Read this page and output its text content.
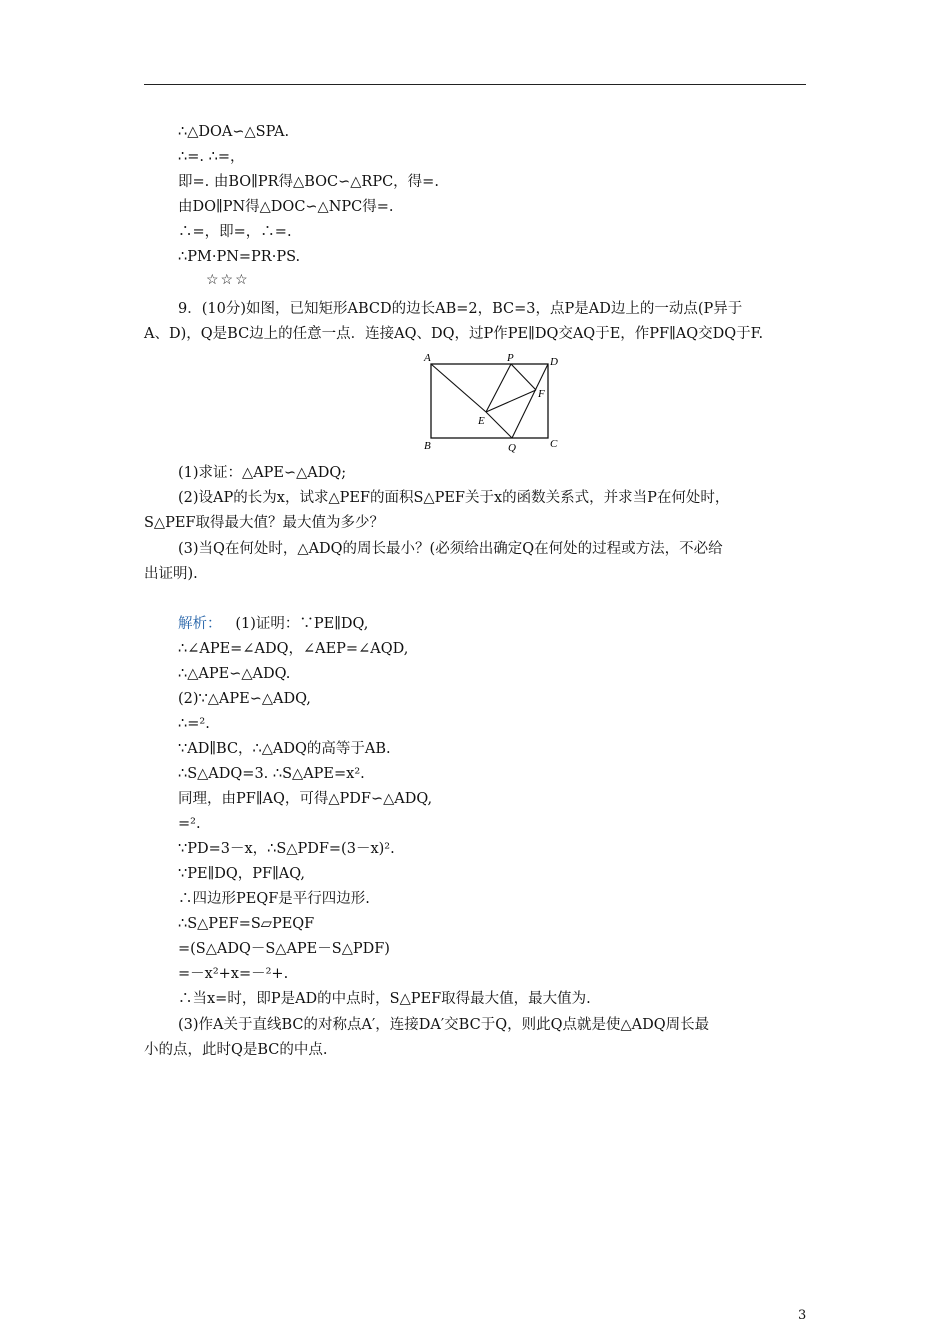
∴△DOA∽△SPA.
∴=. ∴=，
即=. 由BO∥PR得△BOC∽△RPC，得=.
由DO∥PN得△DOC∽△NPC得=.
∴=，即=，∴=.
∴PM·PN=PR·PS.
☆☆☆
9．(10分)如图，已知矩形ABCD的边长AB=2，BC=3，点P是AD边上的一动点(P异于
A、D)，Q是BC边上的任意一点．连接AQ、DQ，过P作PE∥DQ交AQ于E，作PF∥AQ交DQ于F.
A	P	D
F
E
B	Q	C
(1)求证：△APE∽△ADQ;
(2)设AP的长为x，试求△PEF的面积S△PEF关于x的函数关系式，并求当P在何处时，
S△PEF取得最大值？最大值为多少？
(3)当Q在何处时，△ADQ的周长最小？(必须给出确定Q在何处的过程或方法，不必给
出证明).
解析： (1)证明：∵PE∥DQ,
∴∠APE=∠ADQ，∠AEP=∠AQD,
∴△APE∽△ADQ.
(2)∵△APE∽△ADQ,
∴=².
∵AD∥BC，∴△ADQ的高等于AB.
∴S△ADQ=3. ∴S△APE=x².
同理，由PF∥AQ，可得△PDF∽△ADQ,
=².
∵PD=3－x，∴S△PDF=(3－x)².
∵PE∥DQ，PF∥AQ,
∴四边形PEQF是平行四边形.
∴S△PEF=S▱PEQF
=(S△ADQ－S△APE－S△PDF)
=－x²+x=－²+.
∴当x=时，即P是AD的中点时，S△PEF取得最大值，最大值为.
(3)作A关于直线BC的对称点A′，连接DA′交BC于Q，则此Q点就是使△ADQ周长最
小的点，此时Q是BC的中点.
3
